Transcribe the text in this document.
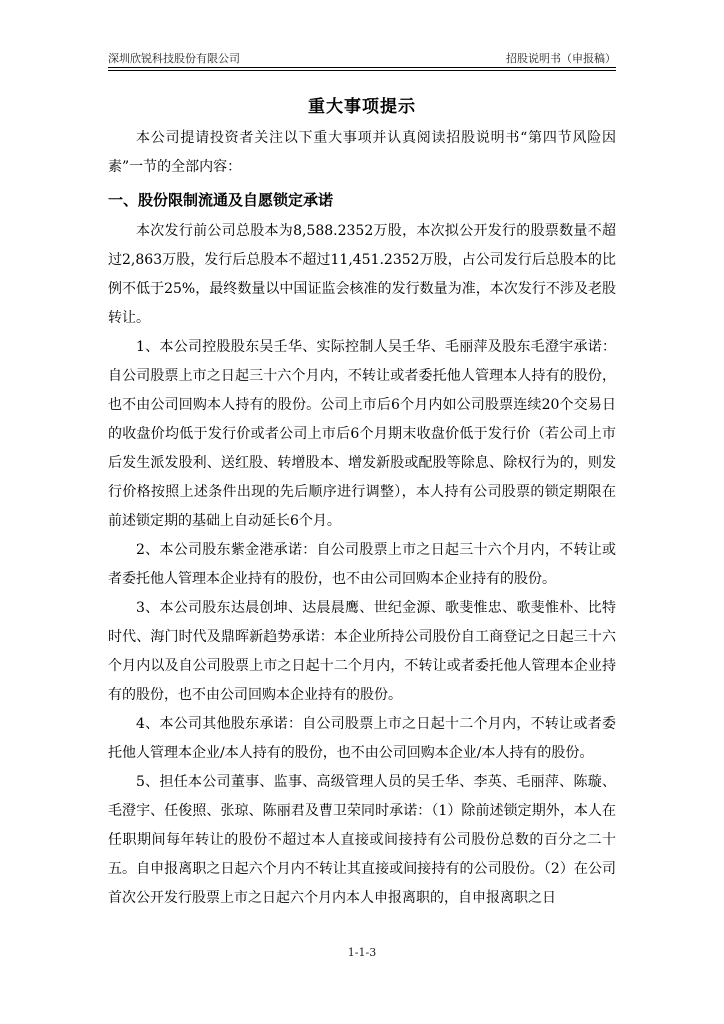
深圳欣锐科技股份有限公司	招股说明书（申报稿）
重大事项提示

本公司提请投资者关注以下重大事项并认真阅读招股说明书“第四节风险因素”一节的全部内容：

一、股份限制流通及自愿锁定承诺

本次发行前公司总股本为8,588.2352万股，本次拟公开发行的股票数量不超过2,863万股，发行后总股本不超过11,451.2352万股，占公司发行后总股本的比例不低于25%，最终数量以中国证监会核准的发行数量为准，本次发行不涉及老股转让。

1、本公司控股股东吴壬华、实际控制人吴壬华、毛丽萍及股东毛澄宇承诺：自公司股票上市之日起三十六个月内，不转让或者委托他人管理本人持有的股份，也不由公司回购本人持有的股份。公司上市后6个月内如公司股票连续20个交易日的收盘价均低于发行价或者公司上市后6个月期末收盘价低于发行价（若公司上市后发生派发股利、送红股、转增股本、增发新股或配股等除息、除权行为的，则发行价格按照上述条件出现的先后顺序进行调整），本人持有公司股票的锁定期限在前述锁定期的基础上自动延长6个月。

2、本公司股东紫金港承诺：自公司股票上市之日起三十六个月内，不转让或者委托他人管理本企业持有的股份，也不由公司回购本企业持有的股份。

3、本公司股东达晨创坤、达晨晨鹰、世纪金源、歌斐惟忠、歌斐惟朴、比特时代、海门时代及鼎晖新趋势承诺：本企业所持公司股份自工商登记之日起三十六个月内以及自公司股票上市之日起十二个月内，不转让或者委托他人管理本企业持有的股份，也不由公司回购本企业持有的股份。

4、本公司其他股东承诺：自公司股票上市之日起十二个月内，不转让或者委托他人管理本企业/本人持有的股份，也不由公司回购本企业/本人持有的股份。

5、担任本公司董事、监事、高级管理人员的吴壬华、李英、毛丽萍、陈璇、毛澄宇、任俊照、张琼、陈丽君及曹卫荣同时承诺：（1）除前述锁定期外，本人在任职期间每年转让的股份不超过本人直接或间接持有公司股份总数的百分之二十五。自申报离职之日起六个月内不转让其直接或间接持有的公司股份。（2）在公司首次公开发行股票上市之日起六个月内本人申报离职的，自申报离职之日

1-1-3
